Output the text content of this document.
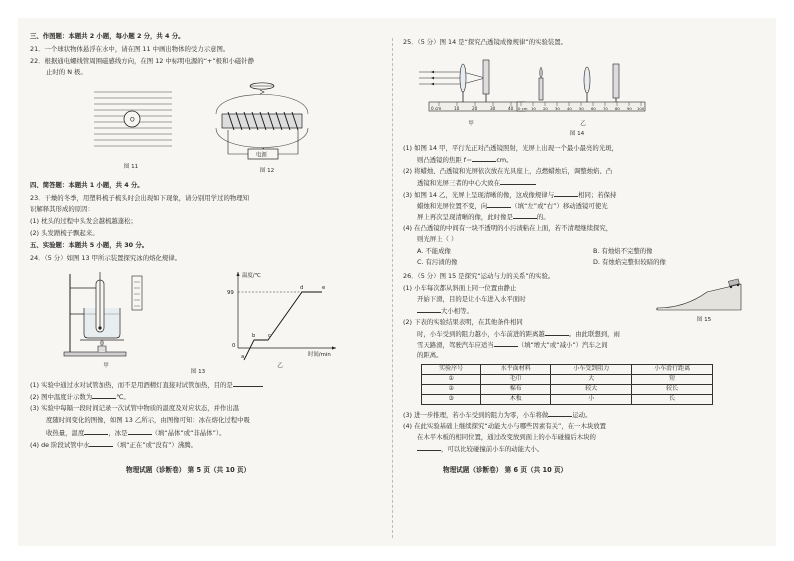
三、作图题：本题共 2 小题，每小题 2 分，共 4 分。
21．一个球状物体悬浮在水中，请在图 11 中画出物体的受力示意图。
22．根据通电螺线管周围磁感线方向，在图 12 中标明电源的“+”极和小磁针静
止时的 N 极。
O
图 11
电源
图 12
四、简答题：本题共 1 小题，共 4 分。
23．干燥的冬季，用塑料梳子梳头时会出现如下现象，请分别用学过的物理知
识解释其形成的原因：
(1) 枕头的过程中头发会越梳越蓬松；
(2) 头发蹭梳子飘起来。
五、实验题：本题共 5 小题，共 30 分。
24．（5 分）如图 13 甲所示装置探究冰的熔化规律。
甲
温度/℃
时间/min
99
0
a
b c
d	e
乙
图 13
(1) 实验中通过水对试管加热，而不是用酒精灯直接对试管加热，目的是
(2) 图中温度计示数为	℃。
(3) 实验中每隔一段时间记录一次试管中物质的温度及对应状态，并作出温
度随时间变化的图像，如图 13 乙所示，由图像可知：冰在熔化过程中吸
收热量，温度	，冰是	（填“晶体”或“非晶体”）。
(4) de 阶段试管中水	（填“正在”或“没有”）沸腾。
物理试题（诊断卷） 第 5 页（共 10 页）
25．（5 分）图 14 是“探究凸透镜成像规律”的实验装置。
0 cm	10	20	30	40
甲
0 cm 10 20 30 40 50 60 70 80 90 100
乙
图 14
(1) 如图 14 甲，平行光正对凸透镜照射，光屏上出现一个最小最亮的光斑，
则凸透镜的焦距 f＝	cm。
(2) 将蜡烛、凸透镜和光屏依次放在光具座上，点燃蜡烛后，调整烛焰、凸
透镜和光屏三者的中心大致在
(3) 如图 14 乙，光屏上呈现清晰的像，这成像规律与	相同；若保持
蜡烛和光屏位置不变，向	（填“左”或“右”）移动透镜可使光
屏上再次呈现清晰的像，此时像是	的。
(4) 在凸透镜的中间有一块不透明的小污渍粘在上面，若不清理继续探究，
则光屏上（ ）
A. 不能成像	B. 有烛焰不完整的像
C. 有污渍的像	D. 有烛焰完整但较暗的像
26．（5 分）图 15 是探究“运动与力的关系”的实验。
(1) 小车每次都从斜面上同一位置由静止
开始下滑，目的是让小车进入水平面时
大小相等。
图 15
(2) 下表的实验结果表明，在其他条件相同
时，小车受到的阻力越小，小车前进的距离越	。由此联想到，雨
雪天路滑，驾驶汽车应适当	（填“增大”或“减小”）汽车之间
的距离。
实验序号	水平面材料	小车受到阻力	小车滑行距离
①	毛巾	大	短
②	棉布	较大	较长
③	木板	小	长
(3) 进一步推理，若小车受到的阻力为零，小车将做	运动。
(4) 在此实验基础上继续探究“动能大小与哪些因素有关”，在一木块放置
在木平木板的相同位置，通过改变放到面上的小车碰撞后木块的
，可以比较碰撞前小车的动能大小。
物理试题（诊断卷） 第 6 页（共 10 页）
